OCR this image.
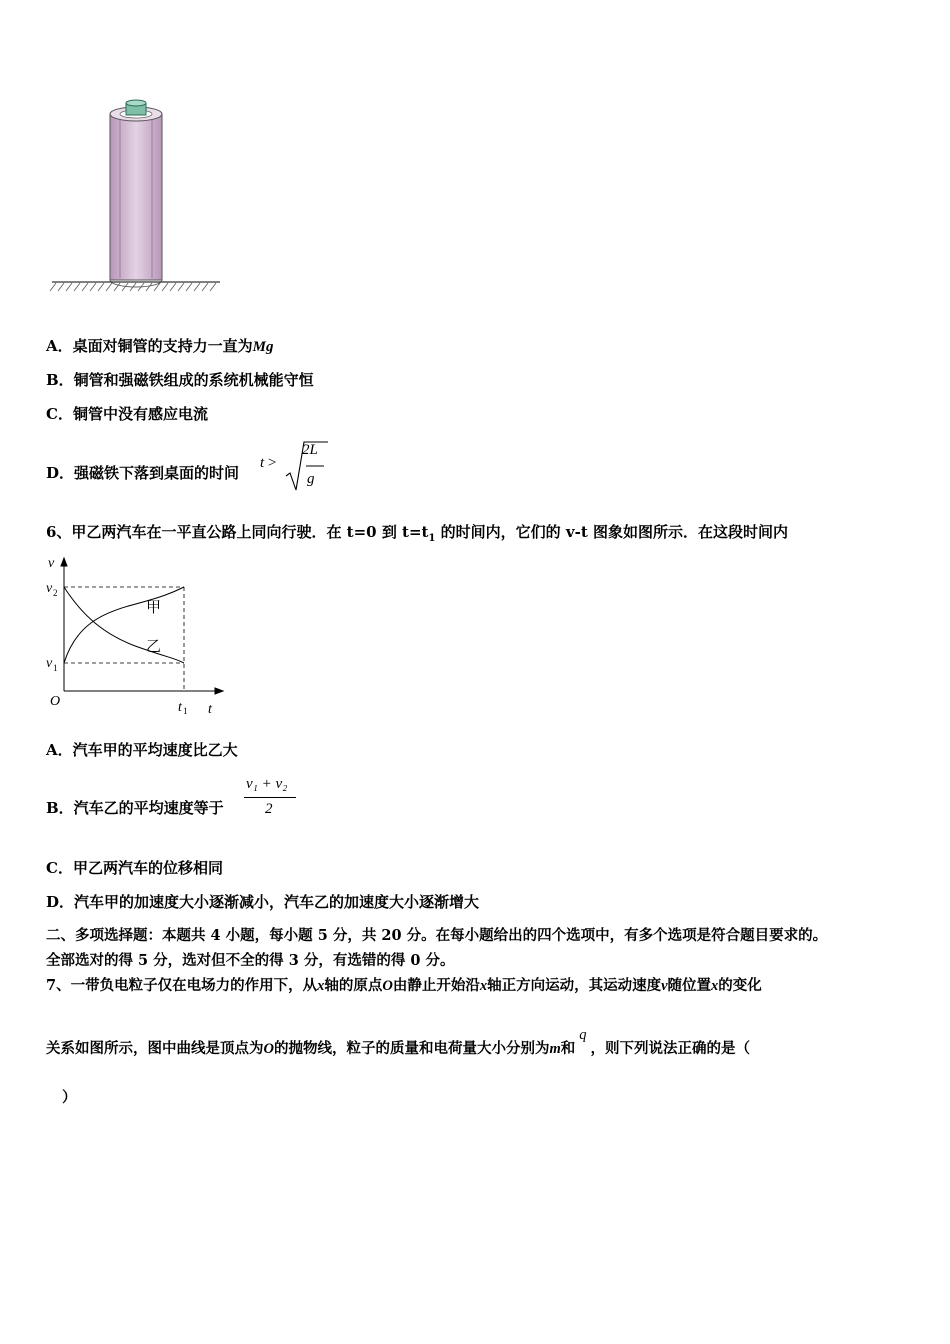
A．桌面对铜管的支持力一直为Mg
B．铜管和强磁铁组成的系统机械能守恒
C．铜管中没有感应电流
D．强磁铁下落到桌面的时间
t >
2L
g
6、甲乙两汽车在一平直公路上同向行驶．在 t=0 到 $t=t_1$ 的时间内，它们的 v-t 图象如图所示．在这段时间内
v
v 2
v 1
O	t 1 t
甲
乙
A．汽车甲的平均速度比乙大
B．汽车乙的平均速度等于
v₁ + v₂
2
C．甲乙两汽车的位移相同
D．汽车甲的加速度大小逐渐减小，汽车乙的加速度大小逐渐增大
二、多项选择题：本题共 4 小题，每小题 5 分，共 20 分。在每小题给出的四个选项中，有多个选项是符合题目要求的。
全部选对的得 5 分，选对但不全的得 3 分，有选错的得 0 分。
7、一带负电粒子仅在电场力的作用下，从x轴的原点O由静止开始沿x轴正方向运动，其运动速度v随位置x的变化
关系如图所示，图中曲线是顶点为O的抛物线，粒子的质量和电荷量大小分别为m和q，则下列说法正确的是（
）
